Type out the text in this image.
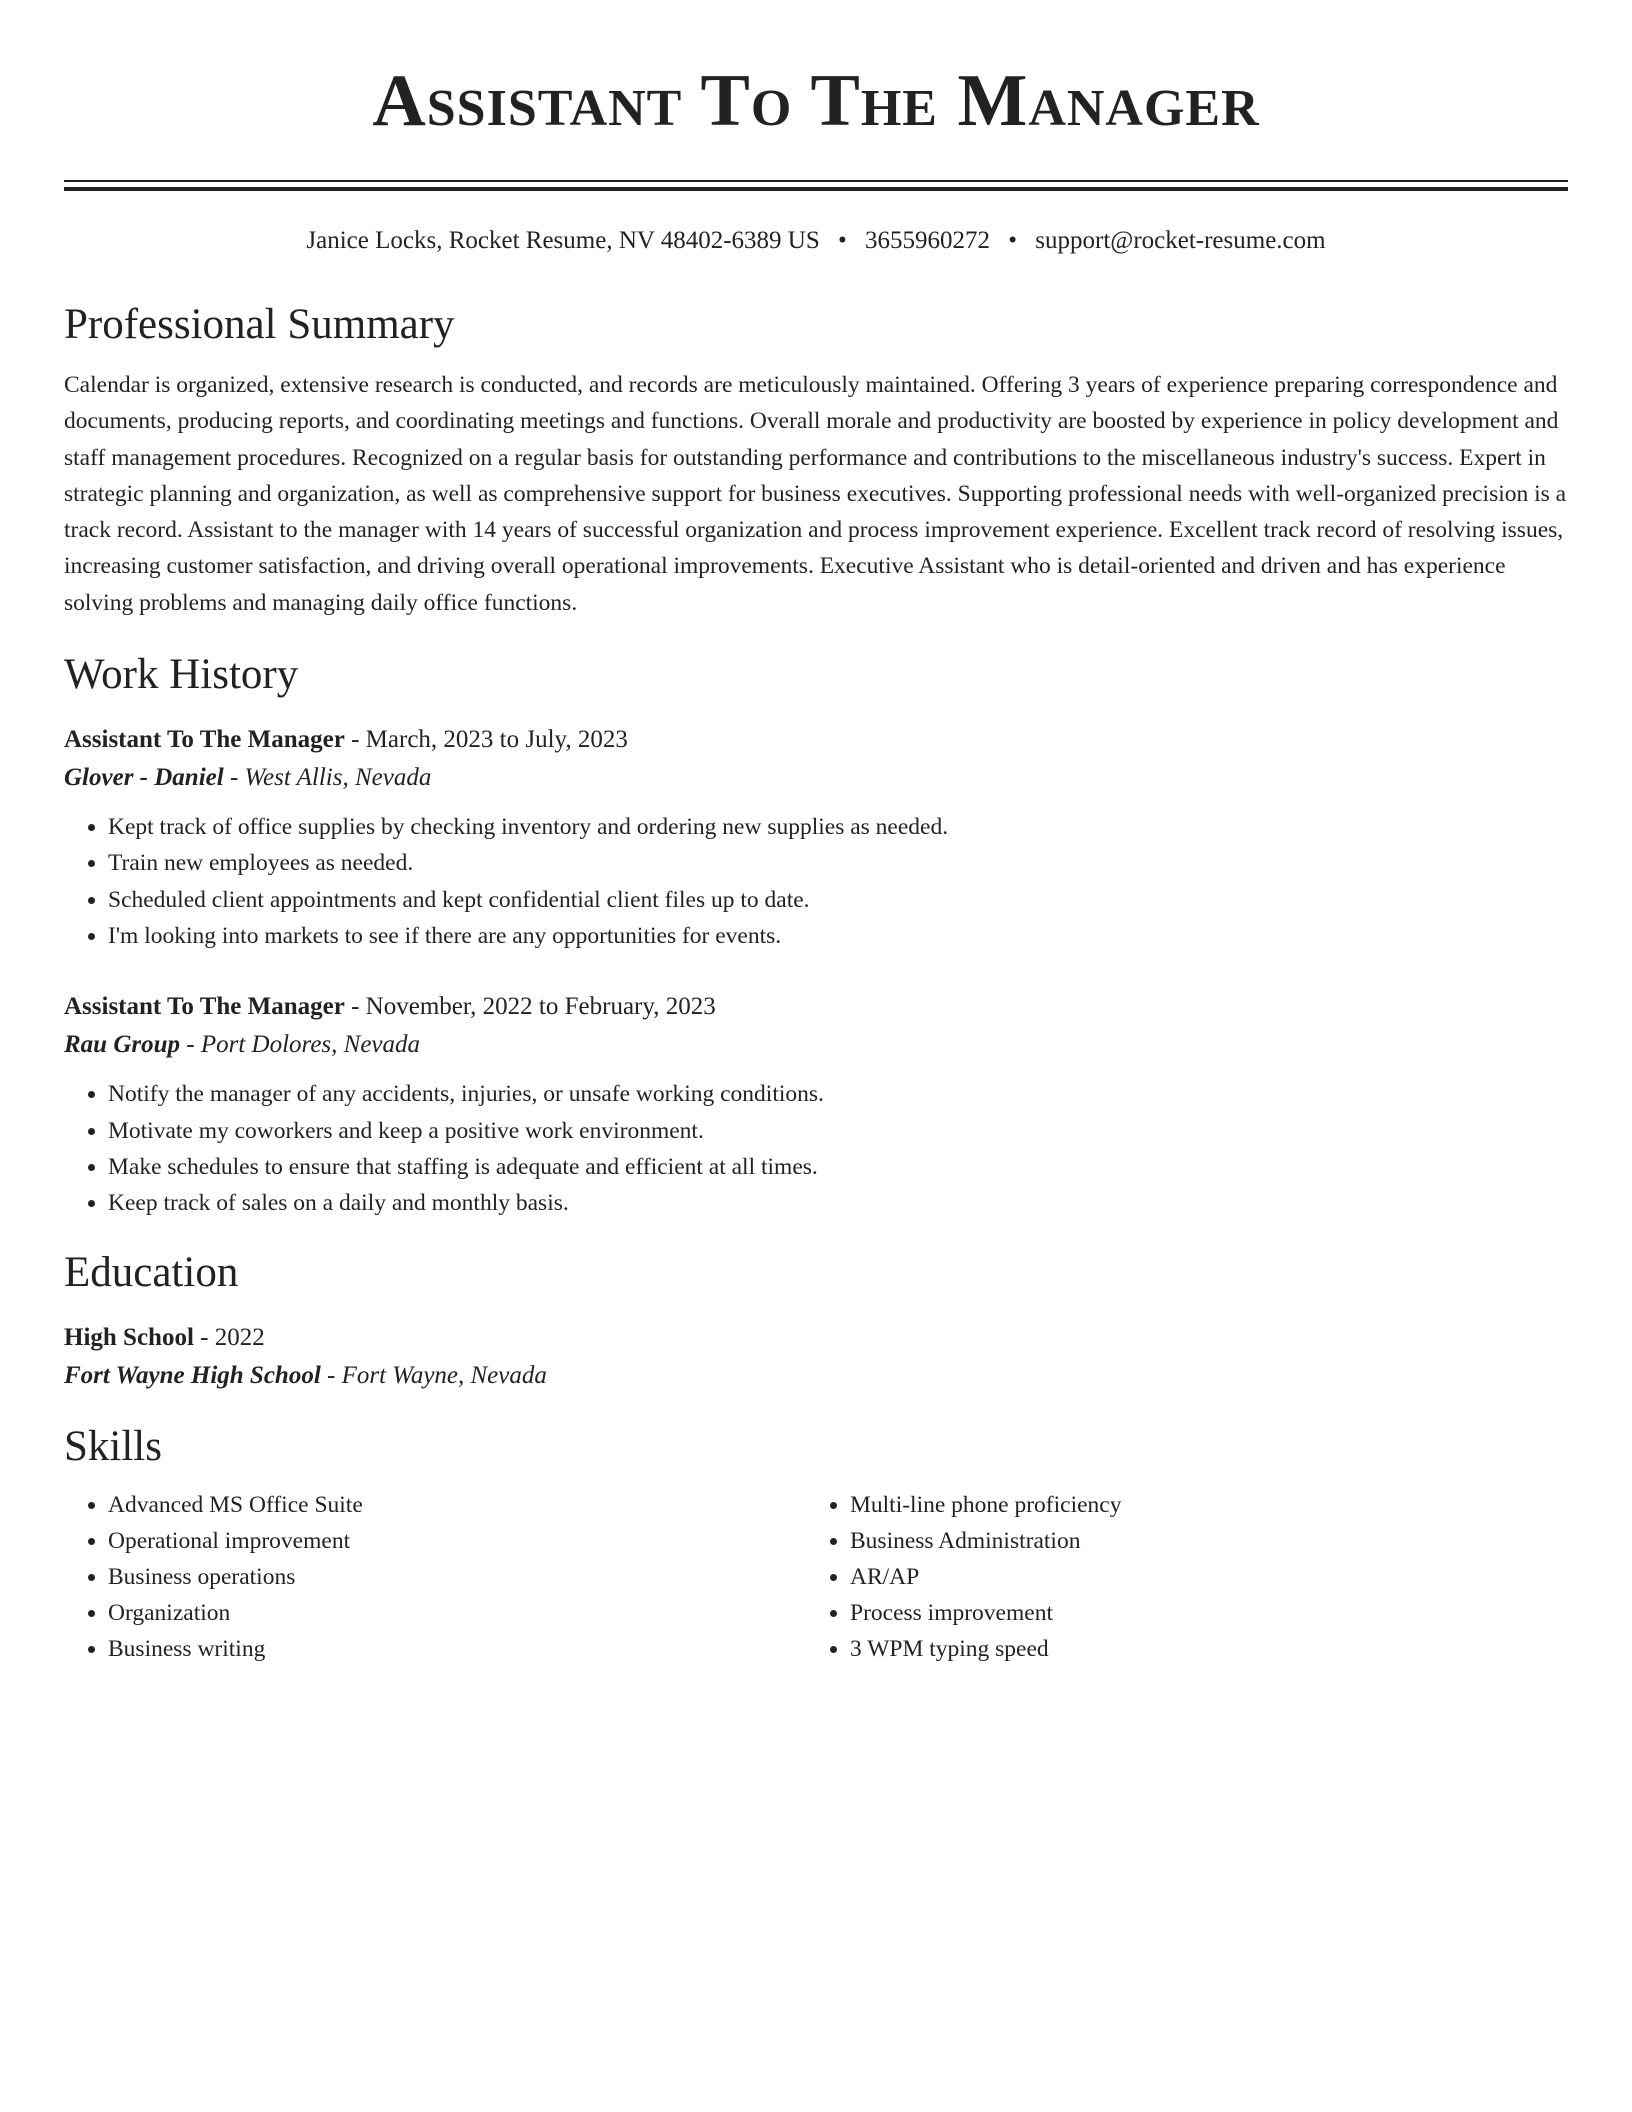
Assistant To The Manager
Janice Locks, Rocket Resume, NV 48402-6389 US • 3655960272 • support@rocket-resume.com
Professional Summary

Calendar is organized, extensive research is conducted, and records are meticulously maintained. Offering 3 years of experience preparing correspondence and documents, producing reports, and coordinating meetings and functions. Overall morale and productivity are boosted by experience in policy development and staff management procedures. Recognized on a regular basis for outstanding performance and contributions to the miscellaneous industry's success. Expert in strategic planning and organization, as well as comprehensive support for business executives. Supporting professional needs with well-organized precision is a track record. Assistant to the manager with 14 years of successful organization and process improvement experience. Excellent track record of resolving issues, increasing customer satisfaction, and driving overall operational improvements. Executive Assistant who is detail-oriented and driven and has experience solving problems and managing daily office functions.

Work History
Assistant To The Manager - March, 2023 to July, 2023
Glover - Daniel - West Allis, Nevada
• Kept track of office supplies by checking inventory and ordering new supplies as needed.
• Train new employees as needed.
• Scheduled client appointments and kept confidential client files up to date.
• I'm looking into markets to see if there are any opportunities for events.
Assistant To The Manager - November, 2022 to February, 2023
Rau Group - Port Dolores, Nevada
• Notify the manager of any accidents, injuries, or unsafe working conditions.
• Motivate my coworkers and keep a positive work environment.
• Make schedules to ensure that staffing is adequate and efficient at all times.
• Keep track of sales on a daily and monthly basis.
Education
High School - 2022
Fort Wayne High School - Fort Wayne, Nevada
Skills
• Advanced MS Office Suite
• Operational improvement
• Business operations
• Organization
• Business writing
• Multi-line phone proficiency
• Business Administration
• AR/AP
• Process improvement
• 3 WPM typing speed
